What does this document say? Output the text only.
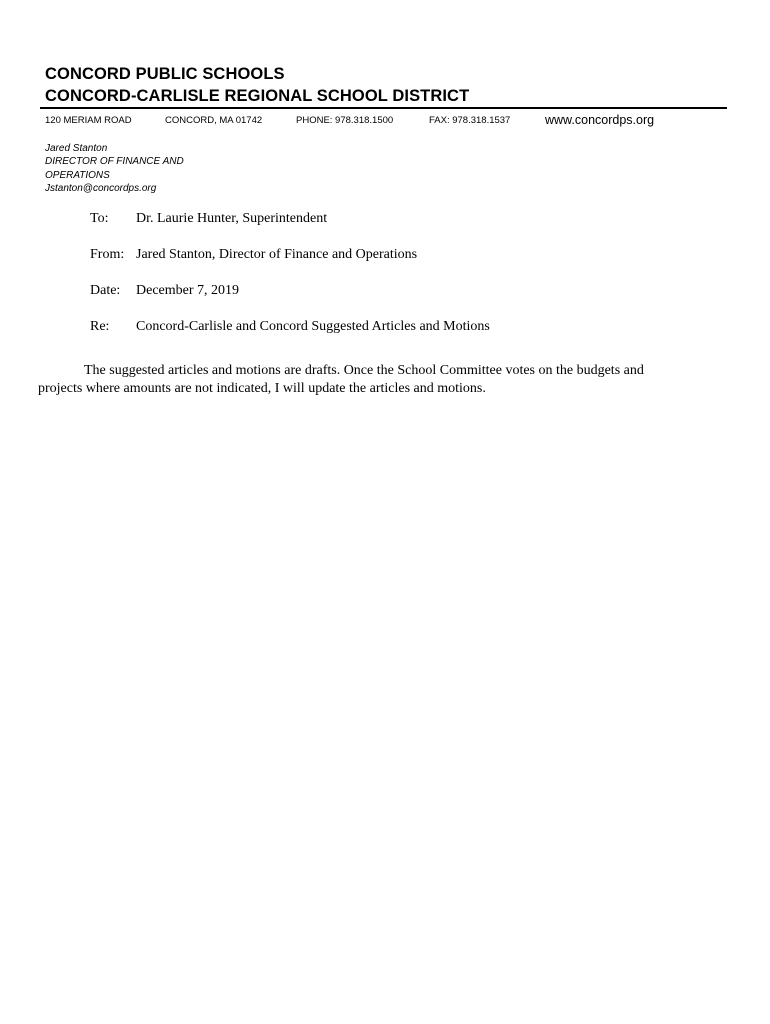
CONCORD PUBLIC SCHOOLS
CONCORD-CARLISLE REGIONAL SCHOOL DISTRICT
120 MERIAM ROAD	CONCORD, MA 01742	PHONE: 978.318.1500	FAX: 978.318.1537	www.concordps.org
Jared Stanton
DIRECTOR OF FINANCE AND
OPERATIONS
Jstanton@concordps.org
To: Dr. Laurie Hunter, Superintendent
From: Jared Stanton, Director of Finance and Operations
Date: December 7, 2019
Re: Concord-Carlisle and Concord Suggested Articles and Motions
The suggested articles and motions are drafts. Once the School Committee votes on the budgets and
projects where amounts are not indicated, I will update the articles and motions.
